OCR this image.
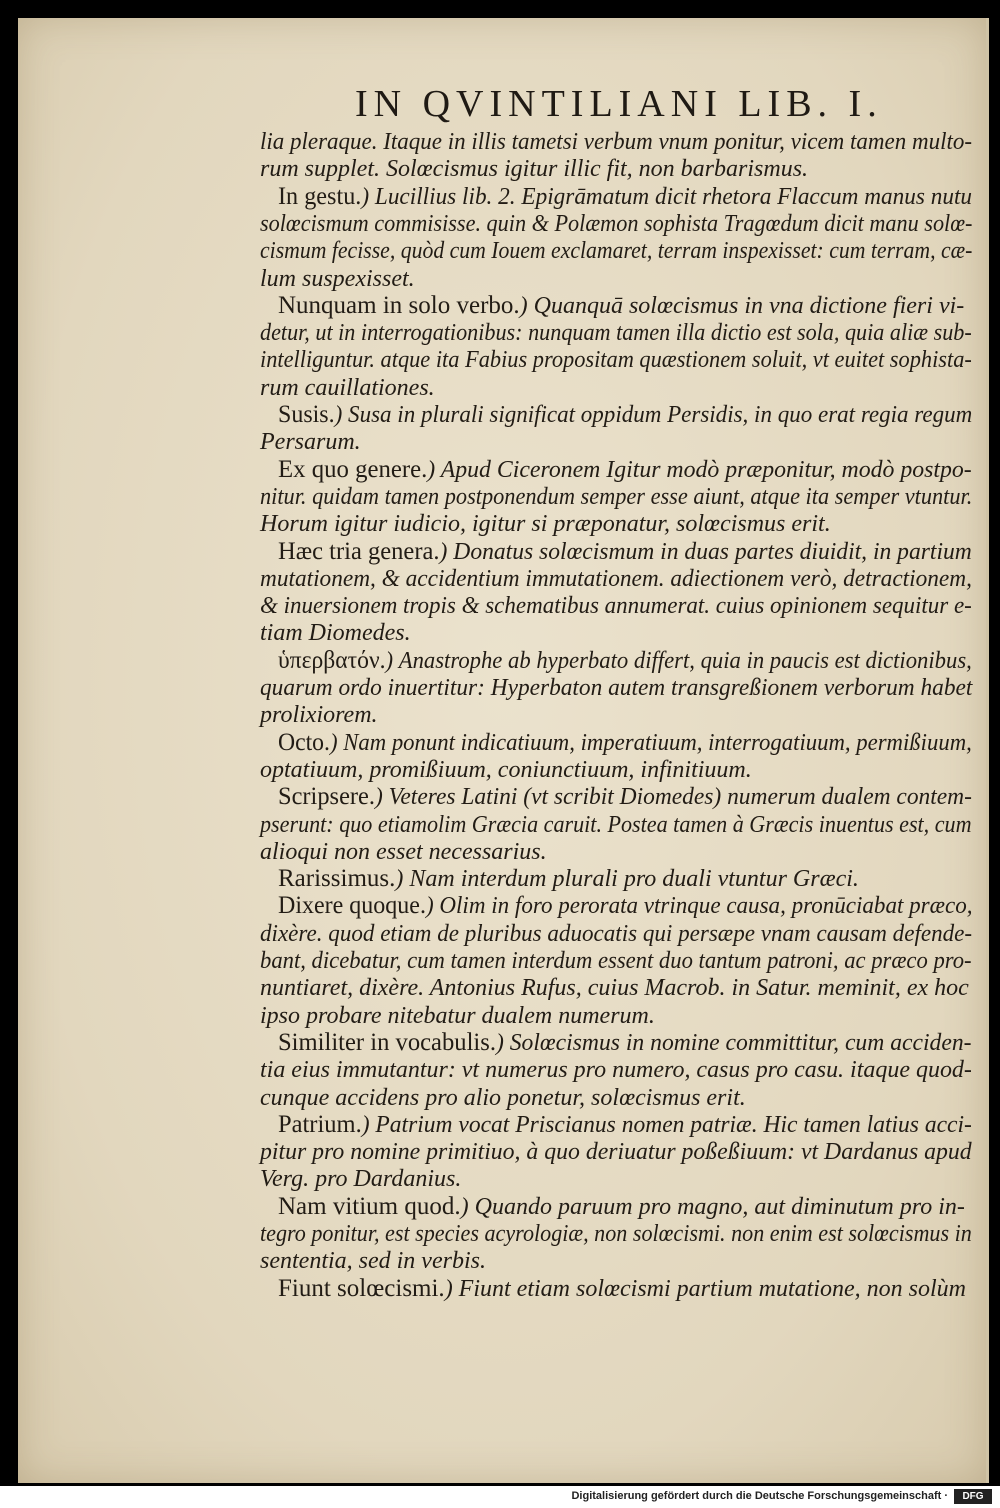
IN QVINTILIANI LIB. I.
lia pleraque. Itaque in illis tametsi verbum vnum ponitur, vicem tamen multo-
rum supplet. Solœcismus igitur illic fit, non barbarismus.
In gestu.) Lucillius lib. 2. Epigrāmatum dicit rhetora Flaccum manus nutu
solœcismum commisisse. quin & Polæmon sophista Tragœdum dicit manu solœ-
cismum fecisse, quòd cum Iouem exclamaret, terram inspexisset: cum terram, cæ-
lum suspexisset.
Nunquam in solo verbo.) Quanquā solœcismus in vna dictione fieri vi-
detur, ut in interrogationibus: nunquam tamen illa dictio est sola, quia aliæ sub-
intelliguntur. atque ita Fabius propositam quæstionem soluit, vt euitet sophista-
rum cauillationes.
Susis.) Susa in plurali significat oppidum Persidis, in quo erat regia regum
Persarum.
Ex quo genere.) Apud Ciceronem Igitur modò præponitur, modò postpo-
nitur. quidam tamen postponendum semper esse aiunt, atque ita semper vtuntur.
Horum igitur iudicio, igitur si præponatur, solœcismus erit.
Hæc tria genera.) Donatus solœcismum in duas partes diuidit, in partium
mutationem, & accidentium immutationem. adiectionem verò, detractionem,
& inuersionem tropis & schematibus annumerat. cuius opinionem sequitur e-
tiam Diomedes.
ὑπερβατόν.) Anastrophe ab hyperbato differt, quia in paucis est dictionibus,
quarum ordo inuertitur: Hyperbaton autem transgreßionem verborum habet
prolixiorem.
Octo.) Nam ponunt indicatiuum, imperatiuum, interrogatiuum, permißiuum,
optatiuum, promißiuum, coniunctiuum, infinitiuum.
Scripsere.) Veteres Latini (vt scribit Diomedes) numerum dualem contem-
pserunt: quo etiamolim Græcia caruit. Postea tamen à Græcis inuentus est, cum
alioqui non esset necessarius.
Rarissimus.) Nam interdum plurali pro duali vtuntur Græci.
Dixere quoque.) Olim in foro perorata vtrinque causa, pronūciabat præco,
dixère. quod etiam de pluribus aduocatis qui persæpe vnam causam defende-
bant, dicebatur, cum tamen interdum essent duo tantum patroni, ac præco pro-
nuntiaret, dixère. Antonius Rufus, cuius Macrob. in Satur. meminit, ex hoc
ipso probare nitebatur dualem numerum.
Similiter in vocabulis.) Solœcismus in nomine committitur, cum acciden-
tia eius immutantur: vt numerus pro numero, casus pro casu. itaque quod-
cunque accidens pro alio ponetur, solœcismus erit.
Patrium.) Patrium vocat Priscianus nomen patriæ. Hic tamen latius acci-
pitur pro nomine primitiuo, à quo deriuatur poßeßiuum: vt Dardanus apud
Verg. pro Dardanius.
Nam vitium quod.) Quando paruum pro magno, aut diminutum pro in-
tegro ponitur, est species acyrologiæ, non solœcismi. non enim est solœcismus in
sententia, sed in verbis.
Fiunt solœcismi.) Fiunt etiam solœcismi partium mutatione, non solùm
Digitalisierung gefördert durch die Deutsche Forschungsgemeinschaft ·	DFG
